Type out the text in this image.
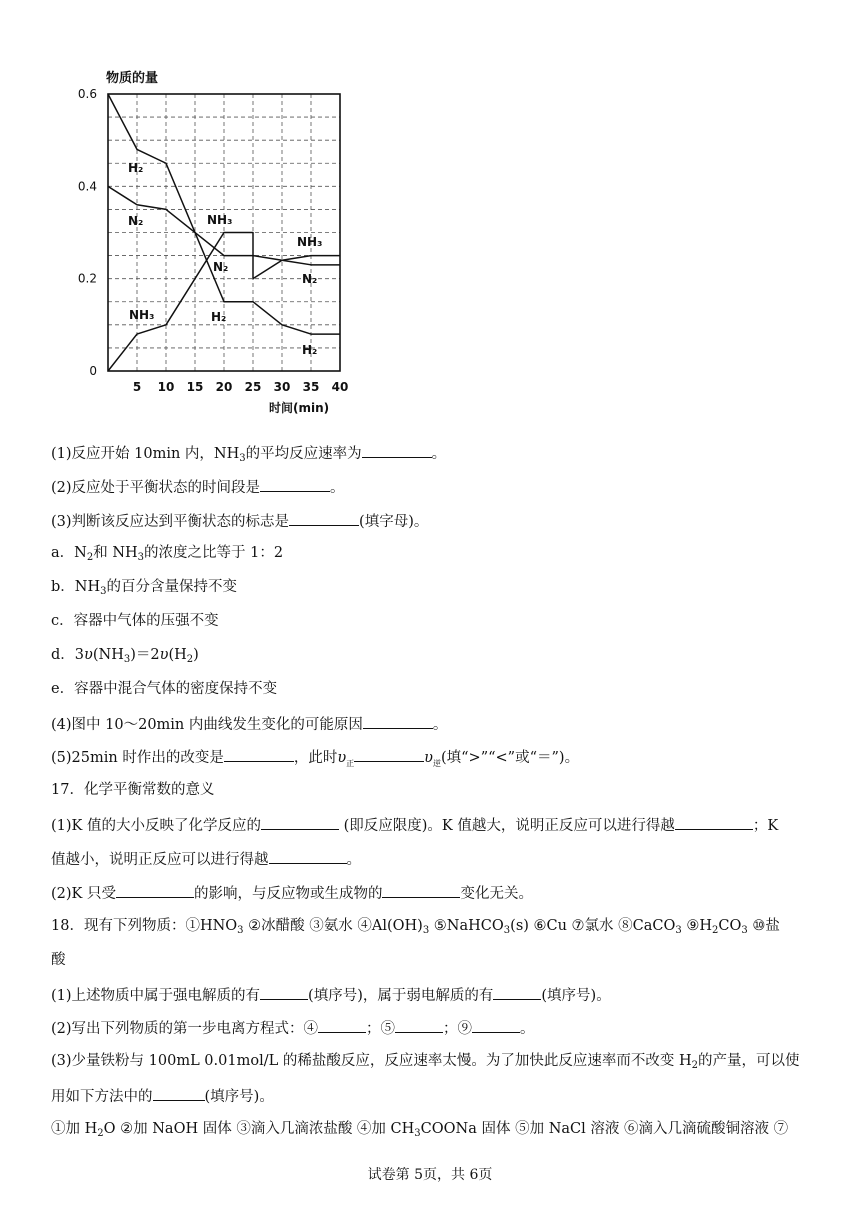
物质的量
0.6
0.4
0.2
0
5 10 15 20 25 30 35 40
H₂
N₂	NH₃
N₂
NH₃
H₂
NH₃
N₂
H₂
时间(min)
(1)反应开始 10min 内，$NH_3$的平均反应速率为	。
(2)反应处于平衡状态的时间段是	。
(3)判断该反应达到平衡状态的标志是	(填字母)。
a．$N_2$和 $NH_3$的浓度之比等于 1：2
b．$NH_3$的百分含量保持不变
c．容器中气体的压强不变
d．$3\upsilon(NH_3)=2\upsilon(H_2)$
e．容器中混合气体的密度保持不变
(4)图中 10～20min 内曲线发生变化的可能原因	。
(5)25min 时作出的改变是	，此时$\upsilon_正$	$\upsilon_逆$(填“>”“<”或“＝”)。
17．化学平衡常数的意义
(1)K 值的大小反映了化学反应的	(即反应限度)。K 值越大，说明正反应可以进行得越	；K
值越小，说明正反应可以进行得越	。
(2)K 只受	的影响，与反应物或生成物的	变化无关。
18．现有下列物质：$①HNO_3$ ②冰醋酸 ③氨水 $④Al(OH)_3$ ⑤NaHCO$_3$(s) ⑥Cu ⑦氯水 ⑧CaCO$_3$ $⑨H_2CO_3$ ⑩盐
酸
(1)上述物质中属于强电解质的有	(填序号)，属于弱电解质的有	(填序号)。
(2)写出下列物质的第一步电离方程式：④	；⑤	；⑨	。
(3)少量铁粉与 100mL 0.01mol/L 的稀盐酸反应，反应速率太慢。为了加快此反应速率而不改变 $H_2$的产量，可以使
用如下方法中的	(填序号)。
①加 $H_2O$ ②加 NaOH 固体 ③滴入几滴浓盐酸 ④加 $CH_3COONa$ 固体 ⑤加 NaCl 溶液 ⑥滴入几滴硫酸铜溶液 ⑦
试卷第 5页，共 6页
